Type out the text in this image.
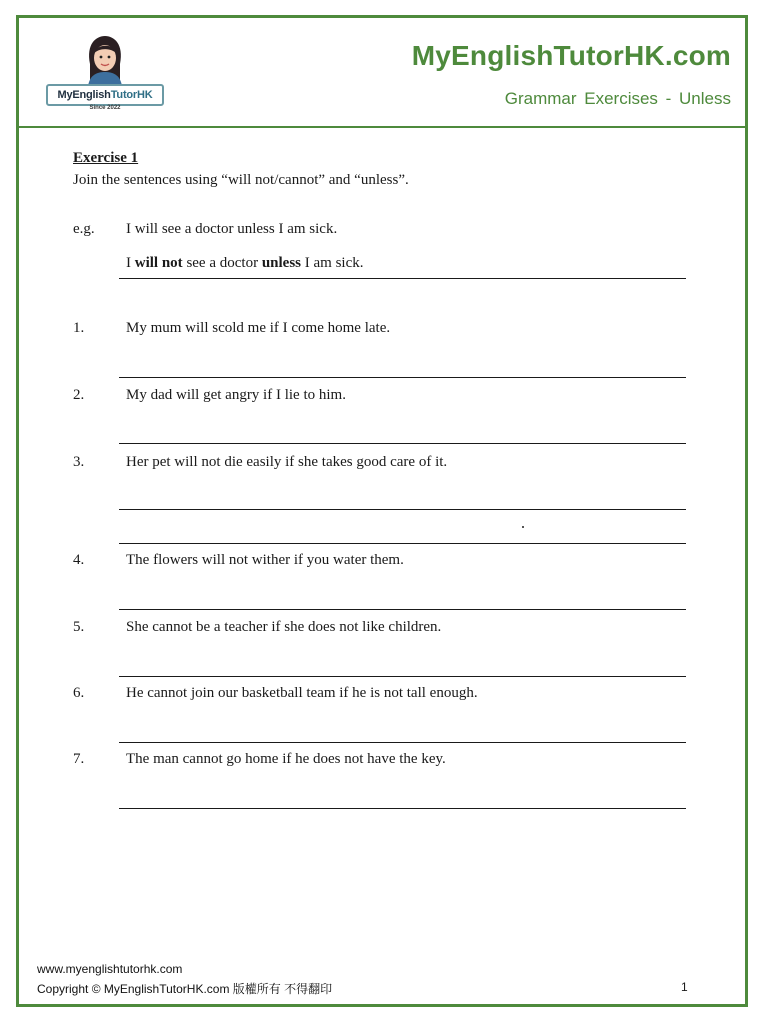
MyEnglish TutorHK
Since 2022
MyEnglishTutorHK.com
Grammar Exercises - Unless
Exercise 1
Join the sentences using “will not/cannot” and “unless”.
e.g. I will see a doctor unless I am sick.
I will not see a doctor unless I am sick.
1.	My mum will scold me if I come home late.
2.	My dad will get angry if I lie to him.
3.	Her pet will not die easily if she takes good care of it.
4.	The flowers will not wither if you water them.
5.	She cannot be a teacher if she does not like children.
6.	He cannot join our basketball team if he is not tall enough.
7.	The man cannot go home if he does not have the key.
www.myenglishtutorhk.com
Copyright © MyEnglishTutorHK.com 版權所有 不得翻印	1
